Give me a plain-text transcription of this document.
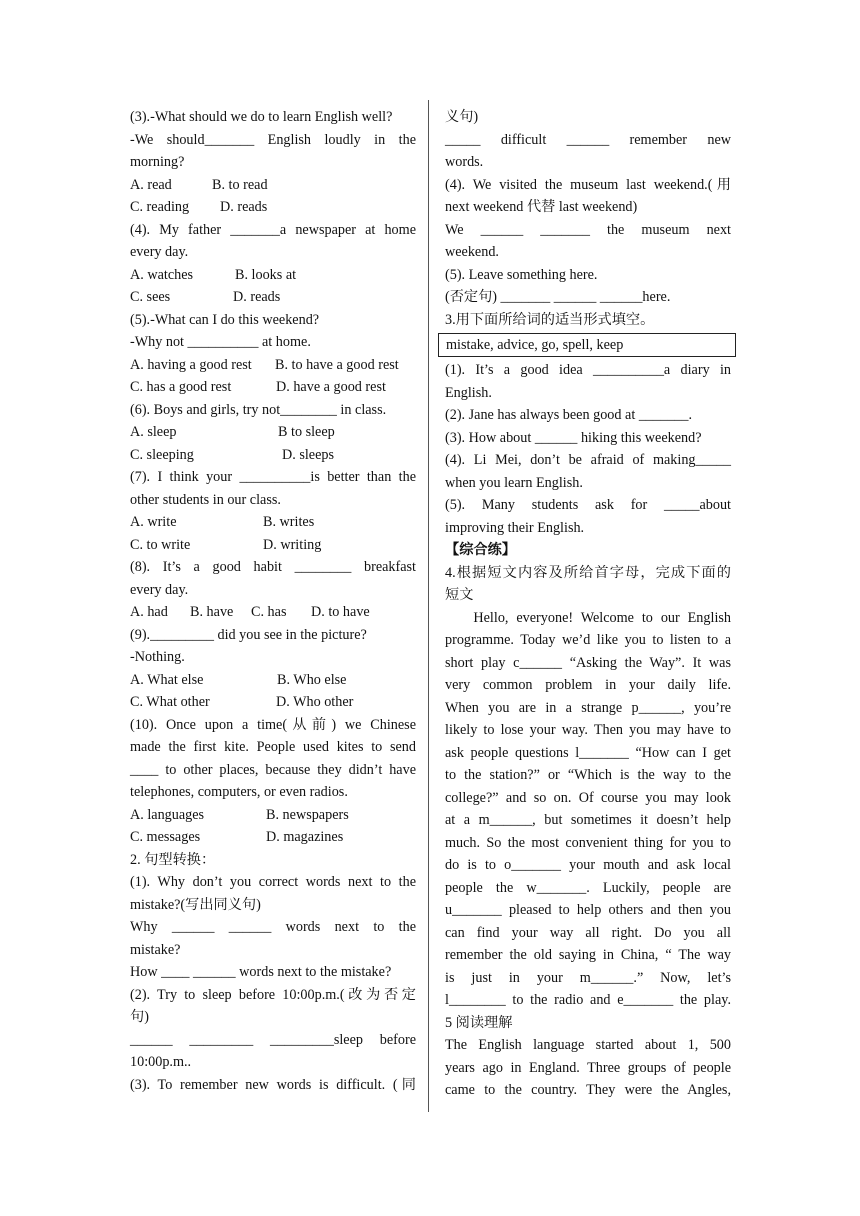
(3).-What should we do to learn English well?
-We should_______ English loudly in the
morning?
A. read	B. to read
C. reading	D. reads
(4). My father _______a newspaper at home
every day.
A. watches	B. looks at
C. sees	D. reads
(5).-What can I do this weekend?
-Why not __________ at home.
A. having a good rest	B. to have a good rest
C. has a good rest	D. have a good rest
(6). Boys and girls, try not________ in class.
A. sleep	B to sleep
C. sleeping	D. sleeps
(7). I think your __________is better than the
other students in our class.
A. write	B. writes
C. to write	D. writing
(8). It’s a good habit ________ breakfast
every day.
A. had	B. have	C. has	D. to have
(9)._________ did you see in the picture?
-Nothing.
A. What else	B. Who else
C. What other	D. Who other
(10). Once upon a time(从前) we Chinese
made the first kite. People used kites to send
____ to other places, because they didn’t have
telephones, computers, or even radios.
A. languages	B. newspapers
C. messages	D. magazines
2. 句型转换：
(1). Why don’t you correct words next to the
mistake?(写出同义句)
Why ______ ______ words next to the
mistake?
How ____ ______ words next to the mistake?
(2). Try to sleep before 10:00p.m.(改为否定
句)
______ _________ _________sleep before
10:00p.m..
(3). To remember new words is difficult. (同
义句)
_____ difficult ______ remember new
words.
(4). We visited the museum last weekend.(用
next weekend 代替 last weekend)
We ______ _______ the museum next
weekend.
(5). Leave something here.
(否定句) _______ ______ ______here.
3.用下面所给词的适当形式填空。
mistake, advice, go, spell, keep
(1). It’s a good idea __________a diary in
English.
(2). Jane has always been good at _______.
(3). How about ______ hiking this weekend?
(4). Li Mei, don’t be afraid of making_____
when you learn English.
(5). Many students ask for _____about
improving their English.
【综合练】
4.根据短文内容及所给首字母，完成下面的
短文
Hello, everyone! Welcome to our English
programme. Today we’d like you to listen to a
short play c______ “Asking the Way”. It was
very common problem in your daily life.
When you are in a strange p______, you’re
likely to lose your way. Then you may have to
ask people questions l_______ “How can I get
to the station?” or “Which is the way to the
college?” and so on. Of course you may look
at a m______, but sometimes it doesn’t help
much. So the most convenient thing for you to
do is to o_______ your mouth and ask local
people the w_______. Luckily, people are
u_______ pleased to help others and then you
can find your way all right. Do you all
remember the old saying in China, “ The way
is just in your m______.” Now, let’s
l________ to the radio and e_______ the play.
5 阅读理解
The English language started about 1, 500
years ago in England. Three groups of people
came to the country. They were the Angles,
